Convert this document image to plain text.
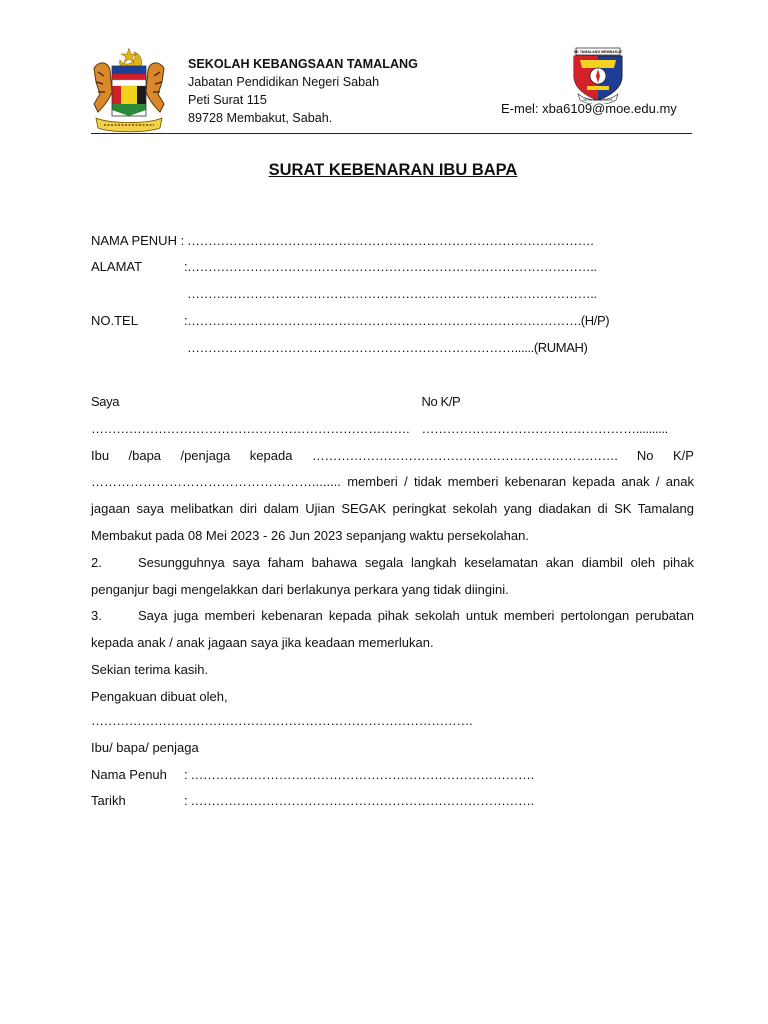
SEKOLAH KEBANGSAAN TAMALANG
Jabatan Pendidikan Negeri Sabah
Peti Surat 115
89728 Membakut, Sabah.
SK TAMALANG MEMBAKUT
BERILMU BERJAYA
E-mel: xba6109@moe.edu.my
SURAT KEBENARAN IBU BAPA
NAMA PENUH : …………………………………………………………………………………….
ALAMAT	: ……………………………………………………………………………………..
……………………………………………………………………………………..
NO.TEL	: ………………………………………………………………………………….(H/P)
……………………………………………………………………......(RUMAH)
Saya ………………………………………………………………….
No K/P ……………………………………………..........
Ibu /bapa /penjaga kepada ………………………………………………………………. No K/P

……………………………………………........ memberi / tidak memberi kebenaran kepada anak / anak

jagaan saya melibatkan diri dalam Ujian SEGAK peringkat sekolah yang diadakan di SK Tamalang

Membakut pada 08 Mei 2023 - 26 Jun 2023 sepanjang waktu persekolahan.

2.	Sesungguhnya saya faham bahawa segala langkah keselamatan akan diambil oleh pihak penganjur bagi mengelakkan dari berlakunya perkara yang tidak diingini.

3.	Saya juga memberi kebenaran kepada pihak sekolah untuk memberi pertolongan perubatan kepada anak / anak jagaan saya jika keadaan memerlukan.

Sekian terima kasih.

Pengakuan dibuat oleh,

……………………………………………………………………………….
Ibu/ bapa/ penjaga
Nama Penuh : ……………………………………………………………………….
Tarikh	: ……………………………………………………………………….
